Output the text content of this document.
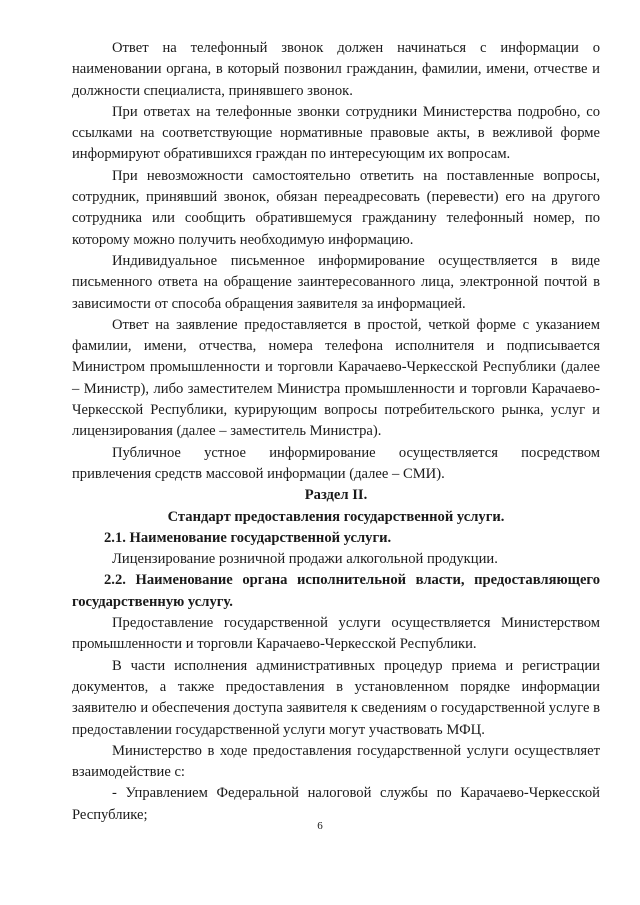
Ответ на телефонный звонок должен начинаться с информации о наименовании органа, в который позвонил гражданин, фамилии, имени, отчестве и должности специалиста, принявшего звонок.

При ответах на телефонные звонки сотрудники Министерства подробно, со ссылками на соответствующие нормативные правовые акты, в вежливой форме информируют обратившихся граждан по интересующим их вопросам.

При невозможности самостоятельно ответить на поставленные вопросы, сотрудник, принявший звонок, обязан переадресовать (перевести) его на другого сотрудника или сообщить обратившемуся гражданину телефонный номер, по которому можно получить необходимую информацию.

Индивидуальное письменное информирование осуществляется в виде письменного ответа на обращение заинтересованного лица, электронной почтой в зависимости от способа обращения заявителя за информацией.

Ответ на заявление предоставляется в простой, четкой форме с указанием фамилии, имени, отчества, номера телефона исполнителя и подписывается Министром промышленности и торговли Карачаево-Черкесской Республики (далее – Министр), либо заместителем Министра промышленности и торговли Карачаево-Черкесской Республики, курирующим вопросы потребительского рынка, услуг и лицензирования (далее – заместитель Министра).

Публичное устное информирование осуществляется посредством привлечения средств массовой информации (далее – СМИ).

Раздел II.

Стандарт предоставления государственной услуги.

2.1. Наименование государственной услуги.

Лицензирование розничной продажи алкогольной продукции.

2.2. Наименование органа исполнительной власти, предоставляющего государственную услугу.

Предоставление государственной услуги осуществляется Министерством промышленности и торговли Карачаево-Черкесской Республики.

В части исполнения административных процедур приема и регистрации документов, а также предоставления в установленном порядке информации заявителю и обеспечения доступа заявителя к сведениям о государственной услуге в предоставлении государственной услуги могут участвовать МФЦ.

Министерство в ходе предоставления государственной услуги осуществляет взаимодействие с:

- Управлением Федеральной налоговой службы по Карачаево-Черкесской Республике;

6
